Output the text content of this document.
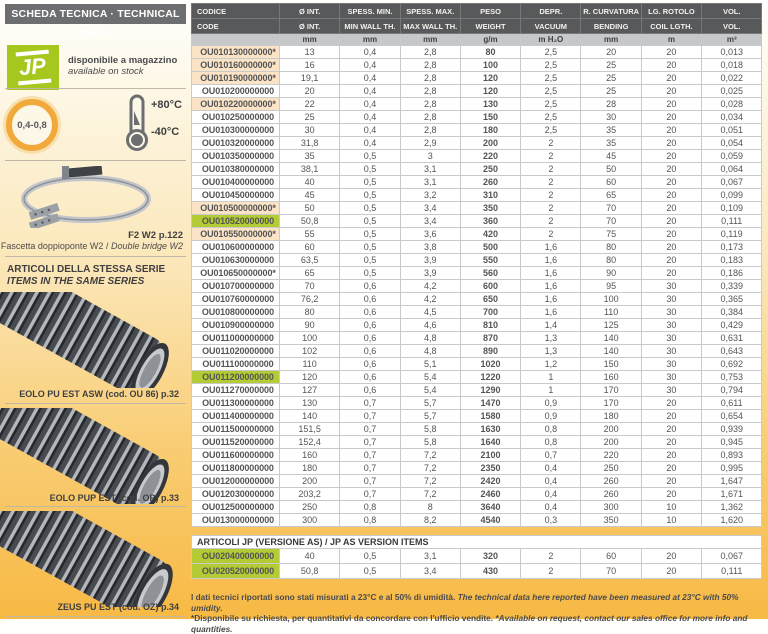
SCHEDA TECNICA · TECHNICAL DATA
JP	disponibile a magazzino
available on stock
0,4-0,8
+80°C
-40°C
F2 W2 p.122
Fascetta doppioponte W2 / Double bridge W2
ARTICOLI DELLA STESSA SERIE
ITEMS IN THE SAME SERIES
EOLO PU EST ASW (cod. OU 86) p.32
EOLO PUP EST (cod. OP) p.33
ZEUS PU EST (cod. OZ) p.34
CODICE	Ø INT.	SPESS. MIN.	SPESS. MAX.	PESO	DEPR.	R. CURVATURA	LG. ROTOLO	VOL.
CODE	Ø INT.	MIN WALL TH.	MAX WALL TH.	WEIGHT	VACUUM	BENDING	COIL LGTH.	VOL.
	mm	mm	mm	g/m	m H₂O	mm	m	m³
OU010130000000*	13	0,4	2,8	80	2,5	20	20	0,013
OU010160000000*	16	0,4	2,8	100	2,5	25	20	0,018
OU010190000000*	19,1	0,4	2,8	120	2,5	25	20	0,022
OU010200000000	20	0,4	2,8	120	2,5	25	20	0,025
OU010220000000*	22	0,4	2,8	130	2,5	28	20	0,028
OU010250000000	25	0,4	2,8	150	2,5	30	20	0,034
OU010300000000	30	0,4	2,8	180	2,5	35	20	0,051
OU010320000000	31,8	0,4	2,9	200	2	35	20	0,054
OU010350000000	35	0,5	3	220	2	45	20	0,059
OU010380000000	38,1	0,5	3,1	250	2	50	20	0,064
OU010400000000	40	0,5	3,1	260	2	60	20	0,067
OU010450000000	45	0,5	3,2	310	2	65	20	0,099
OU010500000000*	50	0,5	3,4	350	2	70	20	0,109
OU010520000000	50,8	0,5	3,4	360	2	70	20	0,111
OU010550000000*	55	0,5	3,6	420	2	75	20	0,119
OU010600000000	60	0,5	3,8	500	1,6	80	20	0,173
OU010630000000	63,5	0,5	3,9	550	1,6	80	20	0,183
OU010650000000*	65	0,5	3,9	560	1,6	90	20	0,186
OU010700000000	70	0,6	4,2	600	1,6	95	30	0,339
OU010760000000	76,2	0,6	4,2	650	1,6	100	30	0,365
OU010800000000	80	0,6	4,5	700	1,6	110	30	0,384
OU010900000000	90	0,6	4,6	810	1,4	125	30	0,429
OU011000000000	100	0,6	4,8	870	1,3	140	30	0,631
OU011020000000	102	0,6	4,8	890	1,3	140	30	0,643
OU011100000000	110	0,6	5,1	1020	1,2	150	30	0,692
OU011200000000	120	0,6	5,4	1220	1	160	30	0,753
OU011270000000	127	0,6	5,4	1290	1	170	30	0,794
OU011300000000	130	0,7	5,7	1470	0,9	170	20	0,611
OU011400000000	140	0,7	5,7	1580	0,9	180	20	0,654
OU011500000000	151,5	0,7	5,8	1630	0,8	200	20	0,939
OU011520000000	152,4	0,7	5,8	1640	0,8	200	20	0,945
OU011600000000	160	0,7	7,2	2100	0,7	220	20	0,893
OU011800000000	180	0,7	7,2	2350	0,4	250	20	0,995
OU012000000000	200	0,7	7,2	2420	0,4	260	20	1,647
OU012030000000	203,2	0,7	7,2	2460	0,4	260	20	1,671
OU012500000000	250	0,8	8	3640	0,4	300	10	1,362
OU013000000000	300	0,8	8,2	4540	0,3	350	10	1,620
ARTICOLI JP (VERSIONE AS) / JP AS VERSION ITEMS								
OU020400000000	40	0,5	3,1	320	2	60	20	0,067
OU020520000000	50,8	0,5	3,4	430	2	70	20	0,111
I dati tecnici riportati sono stati misurati a 23°C e al 50% di umidità. The technical data here reported have been measured at 23°C with 50% umidity.
*Disponibile su richiesta, per quantitativi da concordare con l'ufficio vendite. *Available on request, contact our sales office for more info and quantities.
